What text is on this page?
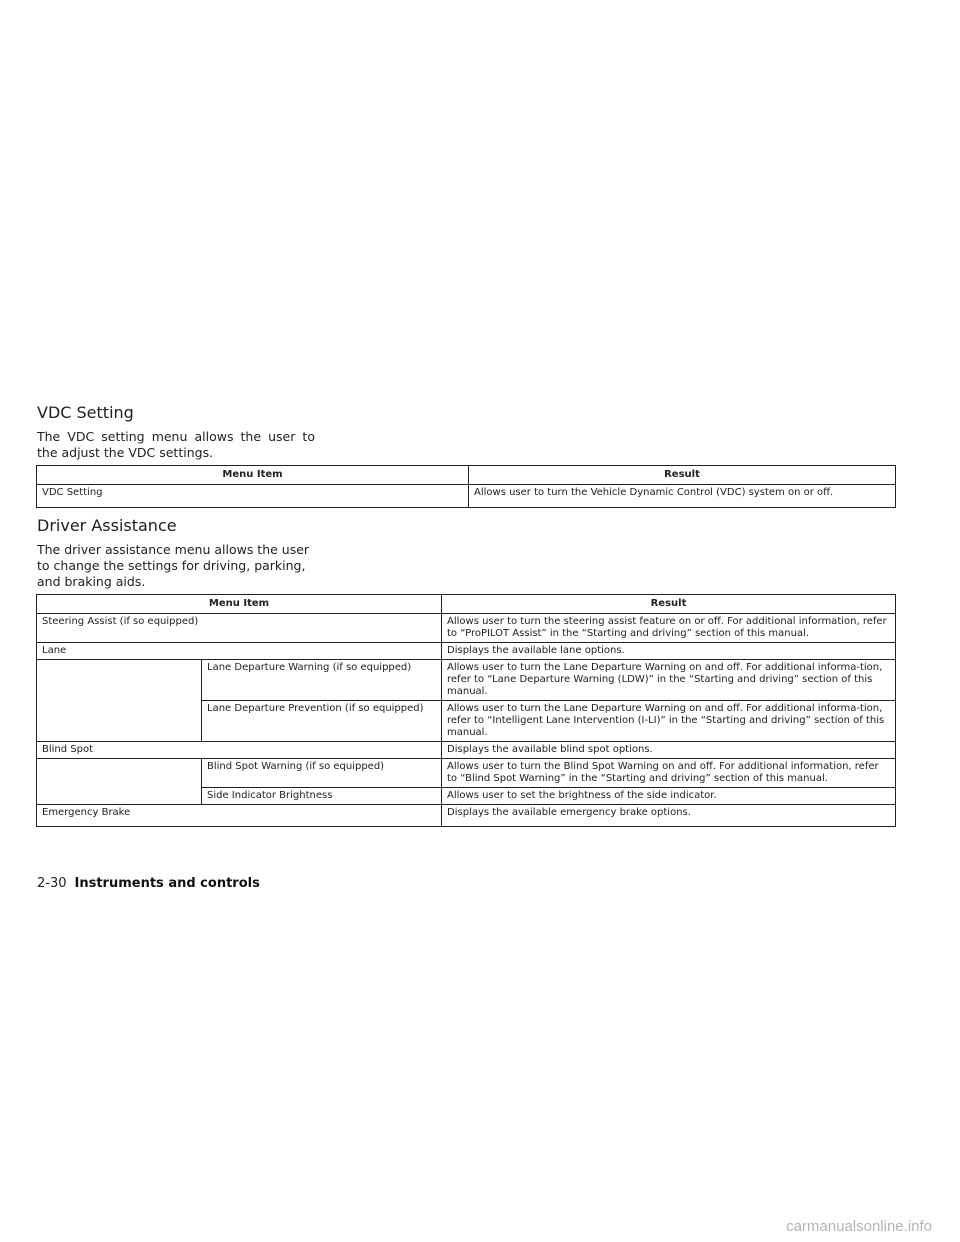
VDC Setting

The VDC setting menu allows the user to the adjust the VDC settings.

Menu Item	Result
VDC Setting	Allows user to turn the Vehicle Dynamic Control (VDC) system on or off.
Driver Assistance

The driver assistance menu allows the user to change the settings for driving, parking, and braking aids.

Menu Item		Result
Steering Assist (if so equipped)		Allows user to turn the steering assist feature on or off. For additional information, refer to “ProPILOT Assist” in the “Starting and driving” section of this manual.
Lane		Displays the available lane options.
	Lane Departure Warning (if so equipped)	Allows user to turn the Lane Departure Warning on and off. For additional informa-tion, refer to “Lane Departure Warning (LDW)” in the “Starting and driving” section of this manual.
	Lane Departure Prevention (if so equipped)	Allows user to turn the Lane Departure Warning on and off. For additional informa-tion, refer to “Intelligent Lane Intervention (I-LI)” in the “Starting and driving” section of this manual.
Blind Spot		Displays the available blind spot options.
	Blind Spot Warning (if so equipped)	Allows user to turn the Blind Spot Warning on and off. For additional information, refer to “Blind Spot Warning” in the “Starting and driving” section of this manual.
	Side Indicator Brightness	Allows user to set the brightness of the side indicator.
Emergency Brake		Displays the available emergency brake options.
2-30 Instruments and controls
carmanualsonline.info
